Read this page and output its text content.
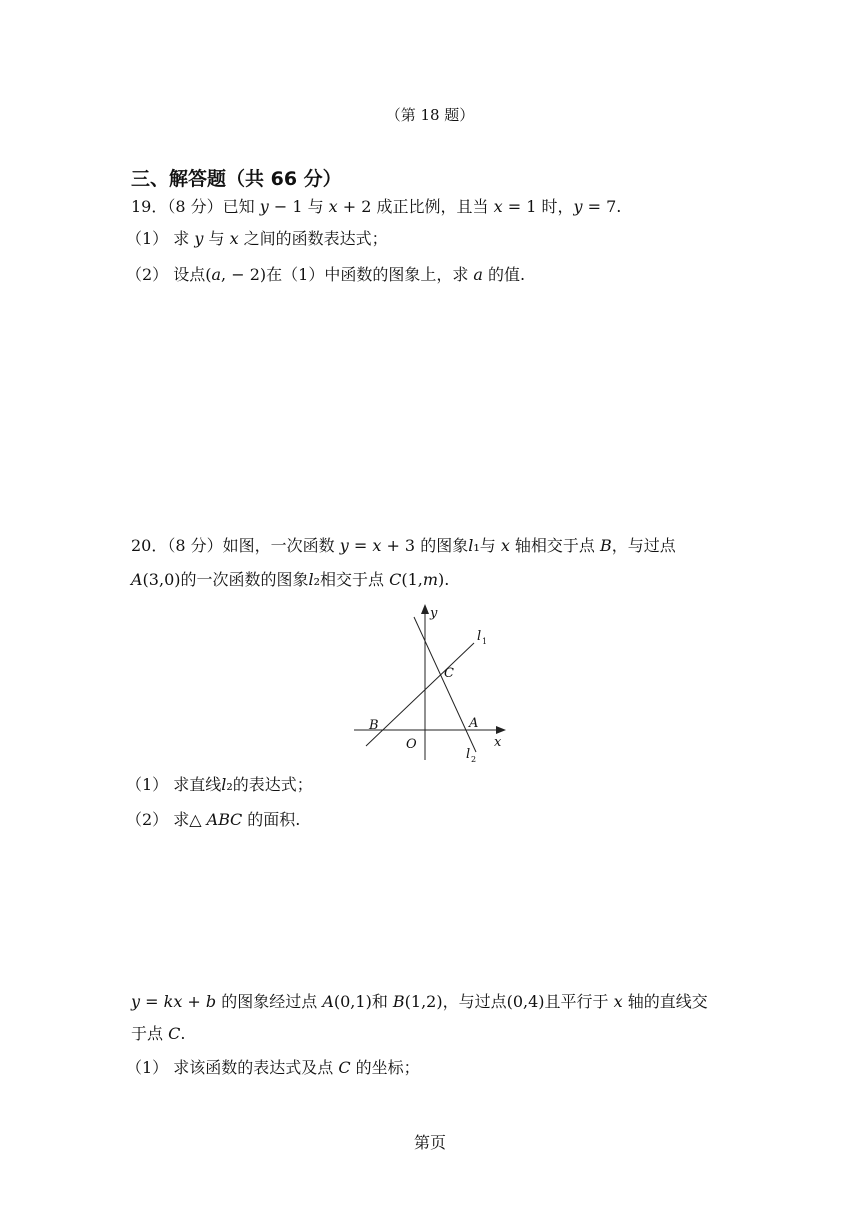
（第 18 题）
三、解答题（共 66 分）
19．（8 分）已知 𝑦 − 1 与 𝑥 + 2 成正比例，且当 𝑥 = 1 时，𝑦 = 7.
（1） 求 𝑦 与 𝑥 之间的函数表达式；
（2） 设点(𝑎, − 2)在（1）中函数的图象上，求 𝑎 的值.
20．（8 分）如图，一次函数 𝑦 = 𝑥 + 3 的图象𝑙₁与 𝑥 轴相交于点 𝐵，与过点
𝐴(3,0)的一次函数的图象𝑙₂相交于点 𝐶(1,𝑚).
y
x
O
A
B
C
l 1
l 2
（1） 求直线𝑙₂的表达式；
（2） 求△ 𝐴𝐵𝐶 的面积.
𝑦 = 𝑘𝑥 + 𝑏 的图象经过点 𝐴(0,1)和 𝐵(1,2)，与过点(0,4)且平行于 𝑥 轴的直线交
于点 𝐶.
（1） 求该函数的表达式及点 𝐶 的坐标；
第页
